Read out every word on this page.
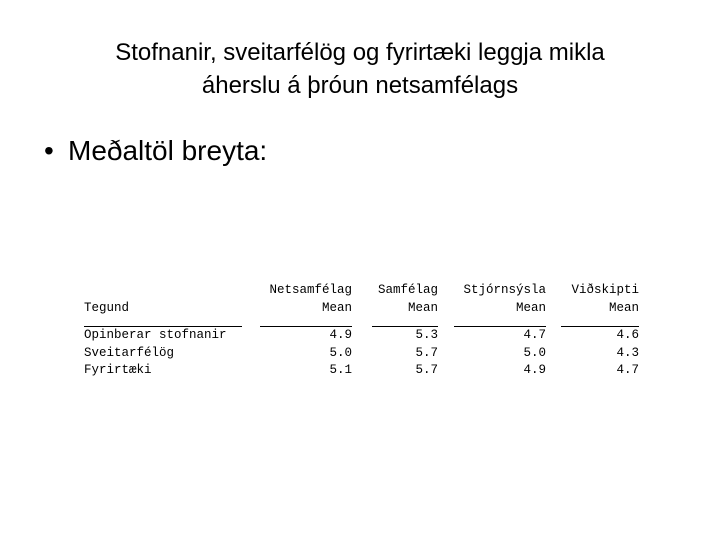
Stofnanir, sveitarfélög og fyrirtæki leggja mikla
áherslu á þróun netsamfélags
• Meðaltöl breyta:
	Netsamfélag	Samfélag	Stjórnsýsla	Viðskipti
Tegund	Mean	Mean	Mean	Mean

Opinberar stofnanir	4.9	5.3	4.7	4.6
Sveitarfélög	5.0	5.7	5.0	4.3
Fyrirtæki	5.1	5.7	4.9	4.7
